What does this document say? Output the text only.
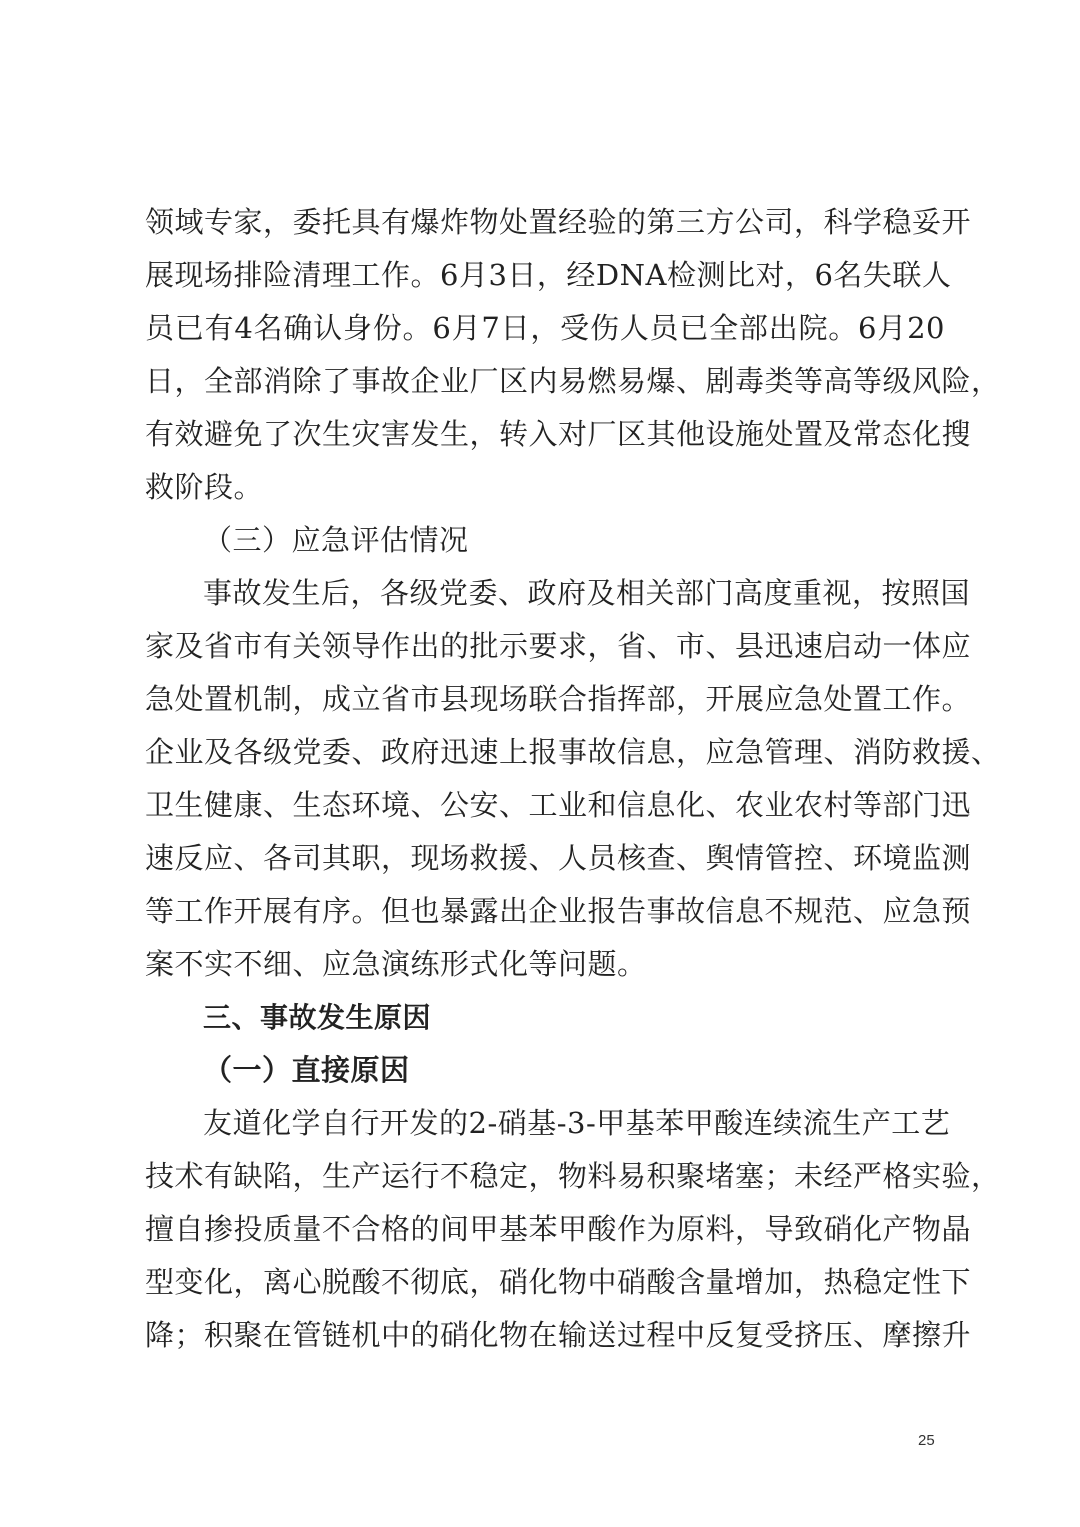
领域专家，委托具有爆炸物处置经验的第三方公司，科学稳妥开
展现场排险清理工作。6月3日，经DNA检测比对，6名失联人
员已有4名确认身份。6月7日，受伤人员已全部出院。6月20
日，全部消除了事故企业厂区内易燃易爆、剧毒类等高等级风险，
有效避免了次生灾害发生，转入对厂区其他设施处置及常态化搜
救阶段。
（三）应急评估情况
事故发生后，各级党委、政府及相关部门高度重视，按照国
家及省市有关领导作出的批示要求，省、市、县迅速启动一体应
急处置机制，成立省市县现场联合指挥部，开展应急处置工作。
企业及各级党委、政府迅速上报事故信息，应急管理、消防救援、
卫生健康、生态环境、公安、工业和信息化、农业农村等部门迅
速反应、各司其职，现场救援、人员核查、舆情管控、环境监测
等工作开展有序。但也暴露出企业报告事故信息不规范、应急预
案不实不细、应急演练形式化等问题。
三、事故发生原因
（一）直接原因
友道化学自行开发的2-硝基-3-甲基苯甲酸连续流生产工艺
技术有缺陷，生产运行不稳定，物料易积聚堵塞；未经严格实验，
擅自掺投质量不合格的间甲基苯甲酸作为原料，导致硝化产物晶
型变化，离心脱酸不彻底，硝化物中硝酸含量增加，热稳定性下
降；积聚在管链机中的硝化物在输送过程中反复受挤压、摩擦升
25
